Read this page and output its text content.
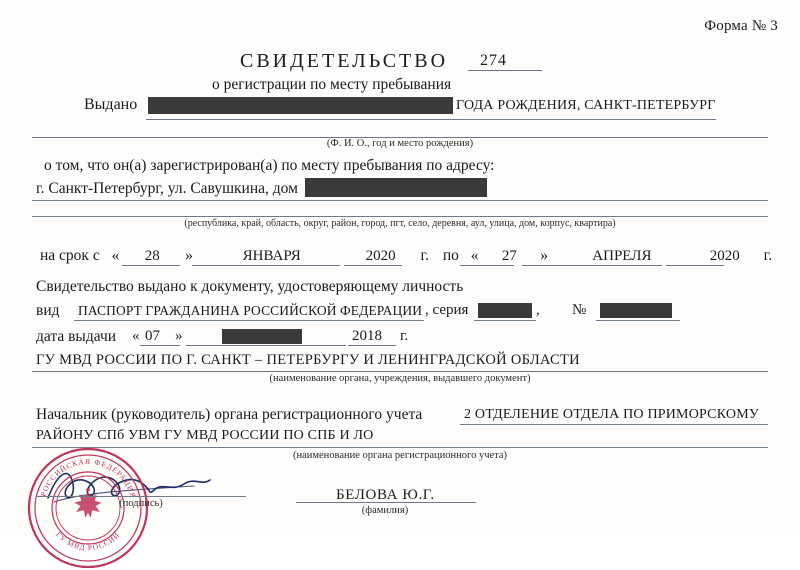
Форма № 3
СВИДЕТЕЛЬСТВО 274
о регистрации по месту пребывания
Выдано	ГОДА РОЖДЕНИЯ, САНКТ-ПЕТЕРБУРГ
(Ф. И. О., год и место рождения)
о том, что он(а) зарегистрирован(а) по месту пребывания по адресу:
г. Санкт-Петербург, ул. Савушкина, дом
(республика, край, область, округ, район, город, пгт, село, деревня, аул, улица, дом, корпус, квартира)
на срок с « 28 »	ЯНВАРЯ	2020 г. по « 27 »	АПРЕЛЯ	2020 г.
Свидетельство выдано к документу, удостоверяющему личность
вид ПАСПОРТ ГРАЖДАНИНА РОССИЙСКОЙ ФЕДЕРАЦИИ , серия	, №
дата выдачи « 07 »	2018 г.
ГУ МВД РОССИИ ПО Г. САНКТ – ПЕТЕРБУРГУ И ЛЕНИНГРАДСКОЙ ОБЛАСТИ
(наименование органа, учреждения, выдавшего документ)
Начальник (руководитель) органа регистрационного учета	2 ОТДЕЛЕНИЕ ОТДЕЛА ПО ПРИМОРСКОМУ
РАЙОНУ СПб УВМ ГУ МВД РОССИИ ПО СПБ И ЛО
(наименование органа регистрационного учета)
РОССИЙСКАЯ ФЕДЕРАЦИЯ
ГУ МВД РОССИИ
(подпись)
БЕЛОВА Ю.Г.
(фамилия)
